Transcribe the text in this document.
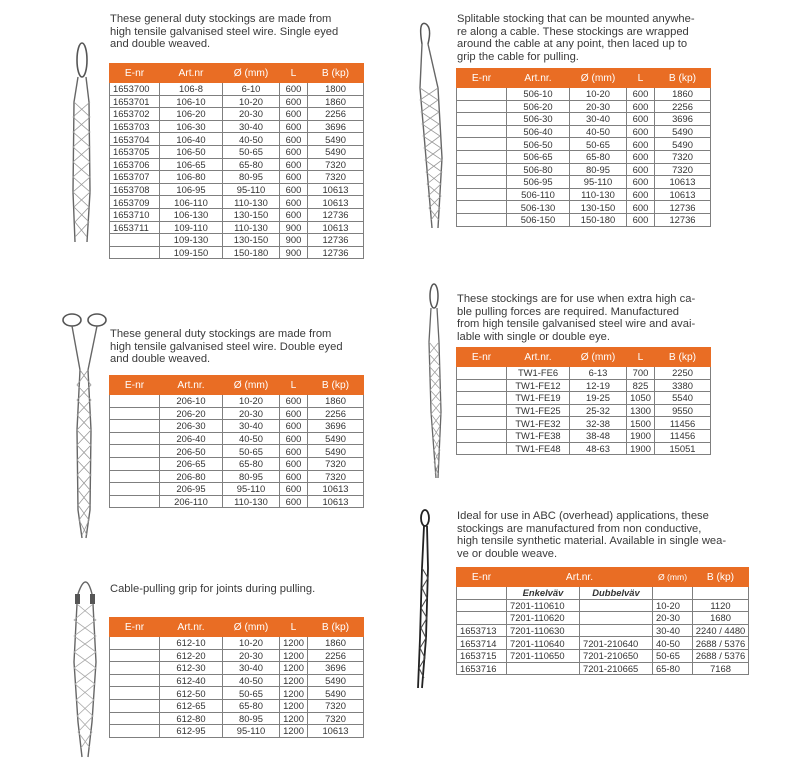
These general duty stockings are made from
high tensile galvanised steel wire. Single eyed
and double weaved.
E-nr	Art.nr	Ø (mm)	L	B (kp)
1653700	106-8	6-10	600	1800
1653701	106-10	10-20	600	1860
1653702	106-20	20-30	600	2256
1653703	106-30	30-40	600	3696
1653704	106-40	40-50	600	5490
1653705	106-50	50-65	600	5490
1653706	106-65	65-80	600	7320
1653707	106-80	80-95	600	7320
1653708	106-95	95-110	600	10613
1653709	106-110	110-130	600	10613
1653710	106-130	130-150	600	12736
1653711	109-110	110-130	900	10613
	109-130	130-150	900	12736
	109-150	150-180	900	12736
These general duty stockings are made from
high tensile galvanised steel wire. Double eyed
and double weaved.
E-nr	Art.nr.	Ø (mm)	L	B (kp)
	206-10	10-20	600	1860
	206-20	20-30	600	2256
	206-30	30-40	600	3696
	206-40	40-50	600	5490
	206-50	50-65	600	5490
	206-65	65-80	600	7320
	206-80	80-95	600	7320
	206-95	95-110	600	10613
	206-110	110-130	600	10613
Cable-pulling grip for joints during pulling.
E-nr	Art.nr.	Ø (mm)	L	B (kp)
	612-10	10-20	1200	1860
	612-20	20-30	1200	2256
	612-30	30-40	1200	3696
	612-40	40-50	1200	5490
	612-50	50-65	1200	5490
	612-65	65-80	1200	7320
	612-80	80-95	1200	7320
	612-95	95-110	1200	10613
Splitable stocking that can be mounted anywhe-
re along a cable. These stockings are wrapped
around the cable at any point, then laced up to
grip the cable for pulling.
E-nr	Art.nr.	Ø (mm)	L	B (kp)
	506-10	10-20	600	1860
	506-20	20-30	600	2256
	506-30	30-40	600	3696
	506-40	40-50	600	5490
	506-50	50-65	600	5490
	506-65	65-80	600	7320
	506-80	80-95	600	7320
	506-95	95-110	600	10613
	506-110	110-130	600	10613
	506-130	130-150	600	12736
	506-150	150-180	600	12736
These stockings are for use when extra high ca-
ble pulling forces are required. Manufactured
from high tensile galvanised steel wire and avai-
lable with single or double eye.
E-nr	Art.nr.	Ø (mm)	L	B (kp)
	TW1-FE6	6-13	700	2250
	TW1-FE12	12-19	825	3380
	TW1-FE19	19-25	1050	5540
	TW1-FE25	25-32	1300	9550
	TW1-FE32	32-38	1500	11456
	TW1-FE38	38-48	1900	11456
	TW1-FE48	48-63	1900	15051
Ideal for use in ABC (overhead) applications, these
stockings are manufactured from non conductive,
high tensile synthetic material. Available in single wea-
ve or double weave.
E-nr	Art.nr.		Ø (mm)	B (kp)
	Enkelväv	Dubbelväv		
	7201-110610		10-20	1120
	7201-110620		20-30	1680
1653713	7201-110630		30-40	2240 / 4480
1653714	7201-110640	7201-210640	40-50	2688 / 5376
1653715	7201-110650	7201-210650	50-65	2688 / 5376
1653716		7201-210665	65-80	7168
